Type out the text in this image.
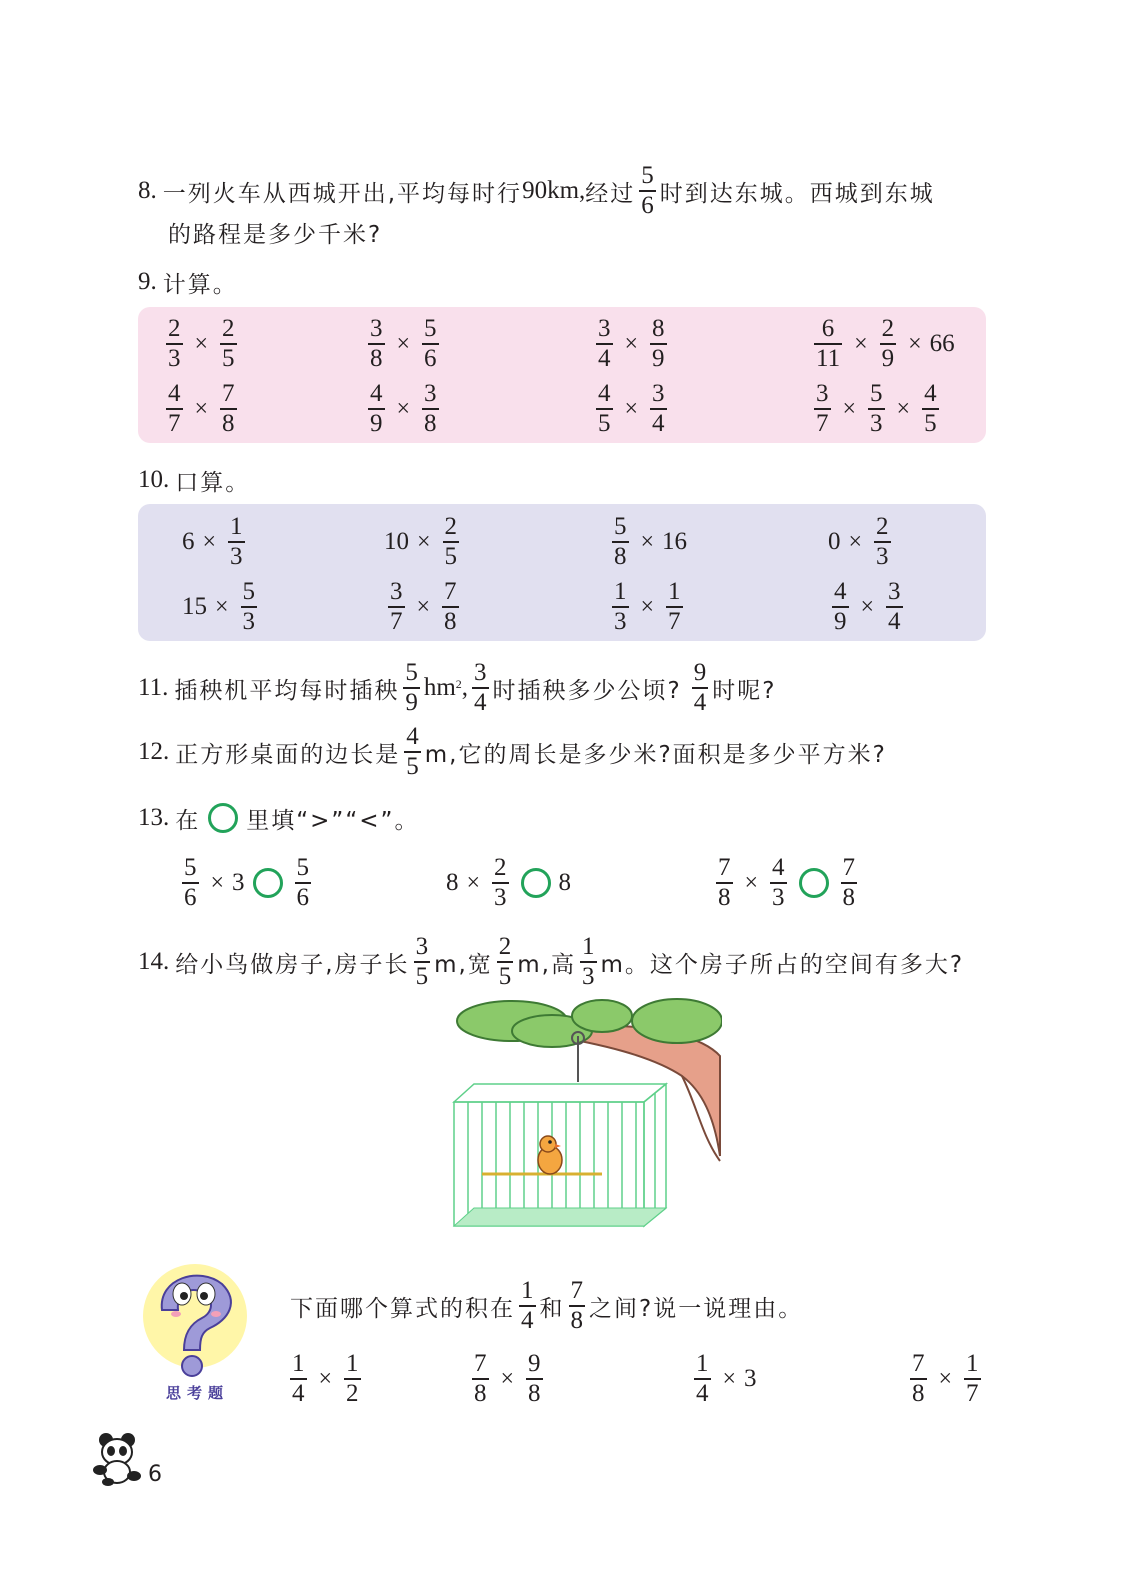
8. 一列火车从西城开出,平均每时行 90km, 经过 $\frac{5}{6}$ 时到达东城。西城到东城
的路程是多少千米?
9. 计算。
$\frac{2}{3} \times \frac{2}{5}$	$\frac{3}{8} \times \frac{5}{6}$	$\frac{3}{4} \times \frac{8}{9}$	$\frac{6}{11} \times \frac{2}{9} \times 66$
$\frac{4}{7} \times \frac{7}{8}$	$\frac{4}{9} \times \frac{3}{8}$	$\frac{4}{5} \times \frac{3}{4}$	$\frac{3}{7} \times \frac{5}{3} \times \frac{4}{5}$
10. 口算。
$6 \times \frac{1}{3}$	$10 \times \frac{2}{5}$	$\frac{5}{8} \times 16$	$0 \times \frac{2}{3}$
$15 \times \frac{5}{3}$	$\frac{3}{7} \times \frac{7}{8}$	$\frac{1}{3} \times \frac{1}{7}$	$\frac{4}{9} \times \frac{3}{4}$
11. 插秧机平均每时插秧 $\frac{5}{9}$ hm 2 , $\frac{3}{4}$ 时插秧多少公顷? $\frac{9}{4}$ 时呢?
12. 正方形桌面的边长是 $\frac{4}{5} m$,它的周长是多少米?面积是多少平方米?
13. 在 里填“>”“<”。
$\frac{5}{6} \times 3 \frac{5}{6}$	$8 \times \frac{2}{3} 8$	$\frac{7}{8} \times \frac{4}{3} \frac{7}{8}$
14. 给小鸟做房子,房子长 $\frac{3}{5} m$,宽 $\frac{2}{5} m$,高 $\frac{1}{3}$ m。这个房子所占的空间有多大?
思考题
下面哪个算式的积在 $\frac{1}{4}$ 和 $\frac{7}{8}$ 之间?说一说理由。
$\frac{1}{4} \times \frac{1}{2}$	$\frac{7}{8} \times \frac{9}{8}$	$\frac{1}{4} \times 3$	$\frac{7}{8} \times \frac{1}{7}$
6
